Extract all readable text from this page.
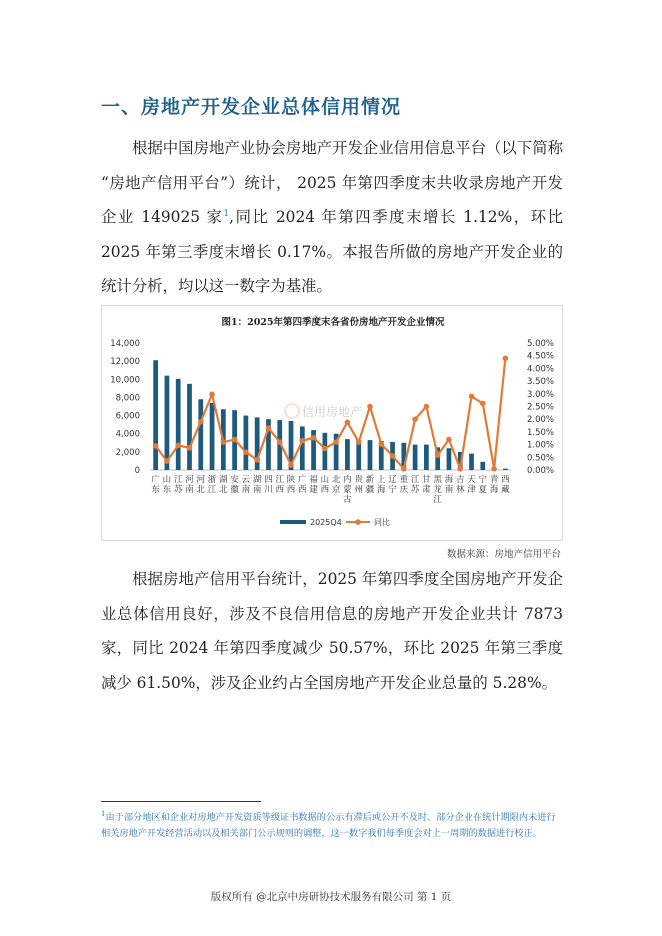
一、房地产开发企业总体信用情况

根据中国房地产业协会房地产开发企业信用信息平台（以下简称 “房地产信用平台”）统计， 2025 年第四季度末共收录房地产开发企业 149025 家$^1$,同比 2024 年第四季度末增长 1.12%，环比 2025 年第三季度末增长 0.17%。本报告所做的房地产开发企业的统计分析，均以这一数字为基准。

图1：2025年第四季度末各省份房地产开发企业情况
信用房地产
0
2,000
4,000
6,000
8,000
10,000
12,000
14,000
0.00%
0.50%
1.00%
1.50%
2.00%
2.50%
3.00%
3.50%
4.00%
4.50%
5.00%
广东
山东
江苏
河南
河北
浙江
湖北
安徽
云南
湖南
四川
江西
陕西
广西
福建
山西
北京
内蒙古
贵州
新疆
上海
辽宁
重庆
江苏
甘肃
黑龙江
海南
吉林
天津
宁夏
青海
西藏
2025Q4	同比
数据来源：房地产信用平台

根据房地产信用平台统计，2025 年第四季度全国房地产开发企业总体信用良好，涉及不良信用信息的房地产开发企业共计 7873 家，同比 2024 年第四季度减少 50.57%，环比 2025 年第三季度减少 61.50%，涉及企业约占全国房地产开发企业总量的 5.28%。

$^1$由于部分地区和企业对房地产开发资质等级证书数据的公示有滞后或公开不及时、部分企业在统计期限内未进行相关房地产开发经营活动以及相关部门公示规则的调整，这一数字我们每季度会对上一周期的数据进行校正。

版权所有 @北京中房研协技术服务有限公司 第 1 页
